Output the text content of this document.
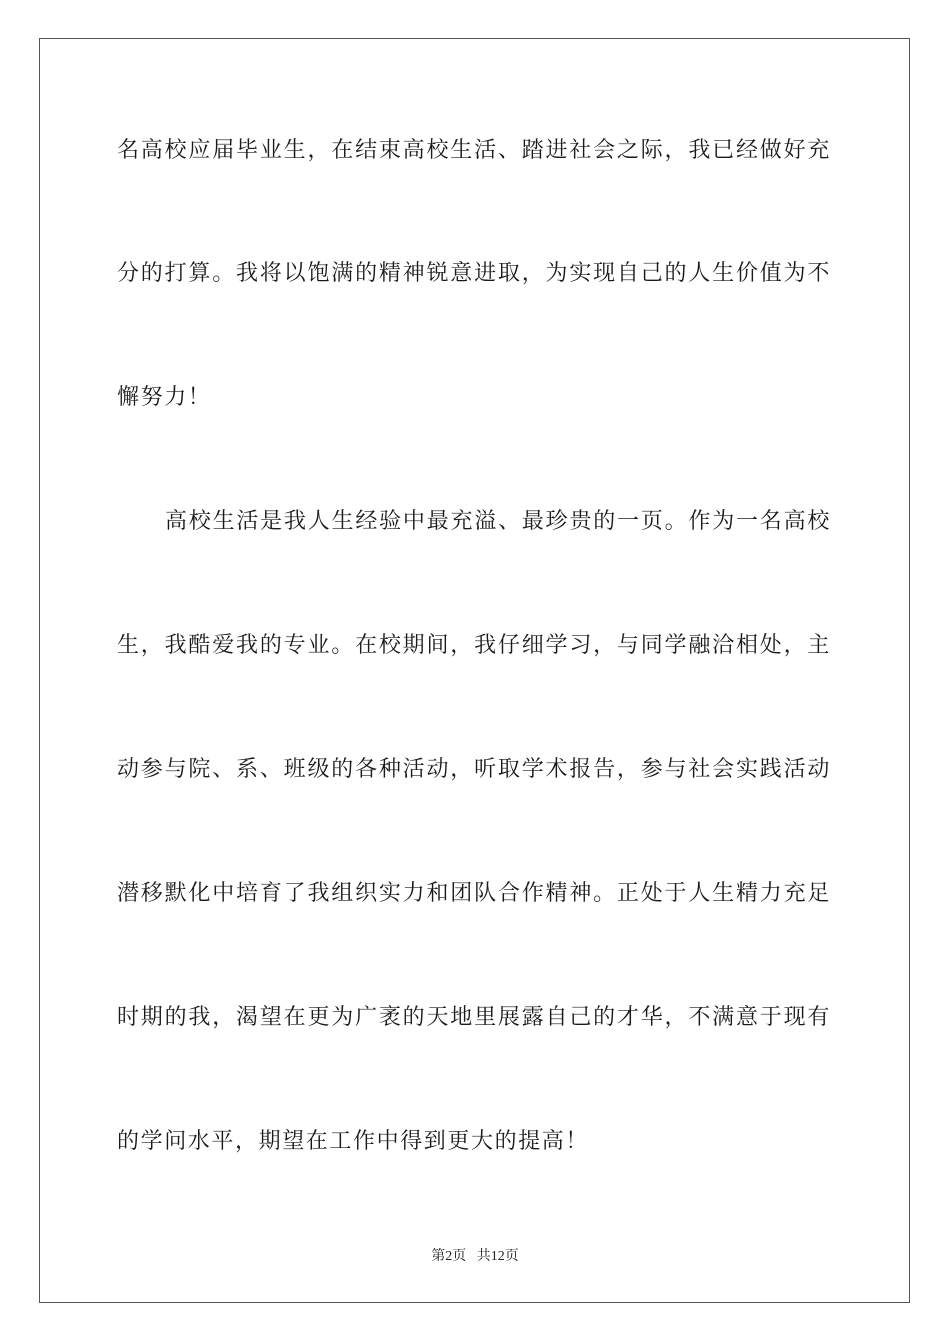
名高校应届毕业生，在结束高校生活、踏进社会之际，我已经做好充
分的打算。我将以饱满的精神锐意进取，为实现自己的人生价值为不
懈努力！
高校生活是我人生经验中最充溢、最珍贵的一页。作为一名高校
生，我酷爱我的专业。在校期间，我仔细学习，与同学融洽相处，主
动参与院、系、班级的各种活动，听取学术报告，参与社会实践活动
潜移默化中培育了我组织实力和团队合作精神。正处于人生精力充足
时期的我，渴望在更为广袤的天地里展露自己的才华，不满意于现有
的学问水平，期望在工作中得到更大的提高！
第2页   共12页
